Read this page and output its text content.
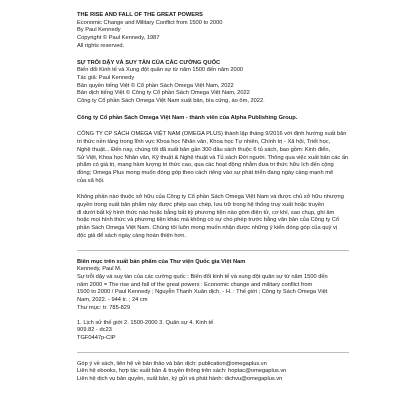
THE RISE AND FALL OF THE GREAT POWERS
Economic Change and Military Conflict from 1500 to 2000
By Paul Kennedy
Copyright © Paul Kennedy, 1987
All rights reserved.
SỰ TRỖI DẬY VÀ SUY TÀN CỦA CÁC CƯỜNG QUỐC
Biến đổi Kinh tế và Xung đột quân sự từ năm 1500 đến năm 2000
Tác giả: Paul Kennedy
Bản quyền tiếng Việt © Cổ phần Sách Omega Việt Nam, 2022
Bản dịch tiếng Việt © Công ty Cổ phần Sách Omega Việt Nam, 2022
Công ty Cổ phần Sách Omega Việt Nam xuất bản, bìa cứng, áo ôm, 2022.
Công ty Cổ phần Sách Omega Việt Nam - thành viên của Alpha Publishing Group.
CÔNG TY CP SÁCH OMEGA VIỆT NAM (OMEGA PLUS) thành lập tháng 9/2016 với định hướng xuất bản
tri thức nền tảng trong lĩnh vực Khoa học Nhân văn, Khoa học Tự nhiên, Chính trị - Xã hội, Triết học,
Nghệ thuật... Đến nay, chúng tôi đã xuất bản gần 300 đầu sách thuộc 6 tủ sách, bao gồm: Kinh điển,
Sử Việt, Khoa học Nhân văn, Kỹ thuật & Nghệ thuật và Tủ sách Đời người. Thông qua việc xuất bản các ấn
phẩm có giá trị, mang hàm lượng tri thức cao, qua các hoạt động nhằm đưa tri thức hữu ích đến cộng
đồng; Omega Plus mong muốn đóng góp theo cách riêng vào sự phát triển đang ngày càng mạnh mẽ
của xã hội.
Không phần nào thuộc sở hữu của Công ty Cổ phần Sách Omega Việt Nam và được chủ sở hữu nhượng
quyền trong xuất bản phẩm này được phép sao chép, lưu trữ trong hệ thống truy xuất hoặc truyền
đi dưới bất kỳ hình thức nào hoặc bằng bất kỳ phương tiện nào gồm điện tử, cơ khí, sao chụp, ghi âm
hoặc mọi hình thức và phương tiện khác mà không có sự cho phép trước bằng văn bản của Công ty Cổ
phần Sách Omega Việt Nam. Chúng tôi luôn mong muốn nhận được những ý kiến đóng góp của quý vị
độc giả để sách ngày càng hoàn thiện hơn.
Biên mục trên xuất bản phẩm của Thư viện Quốc gia Việt Nam
Kennedy, Paul M.
Sự trỗi dậy và suy tàn của các cường quốc : Biến đổi kinh tế và xung đột quân sự từ năm 1500 đến
năm 2000 = The rise and fall of the great powers : Economic change and military conflict from
1500 to 2000 / Paul Kennedy ; Nguyễn Thanh Xuân dịch. - H. : Thế giới ; Công ty Sách Omega Việt
Nam, 2022. - 944 tr. ; 24 cm
Thư mục: tr. 785-829
1. Lịch sử thế giới 2. 1500-2000 3. Quân sự 4. Kinh tế
909.82 - dc23
TGF0447p-CIP
Góp ý về sách, liên hệ về bản thảo và bản dịch: publication@omegaplus.vn
Liên hệ ebooks, hợp tác xuất bản & truyền thông trên sách: hoptac@omegaplus.vn
Liên hệ dịch vụ bản quyền, xuất bản, ký gửi và phát hành: dichvu@omegaplus.vn
